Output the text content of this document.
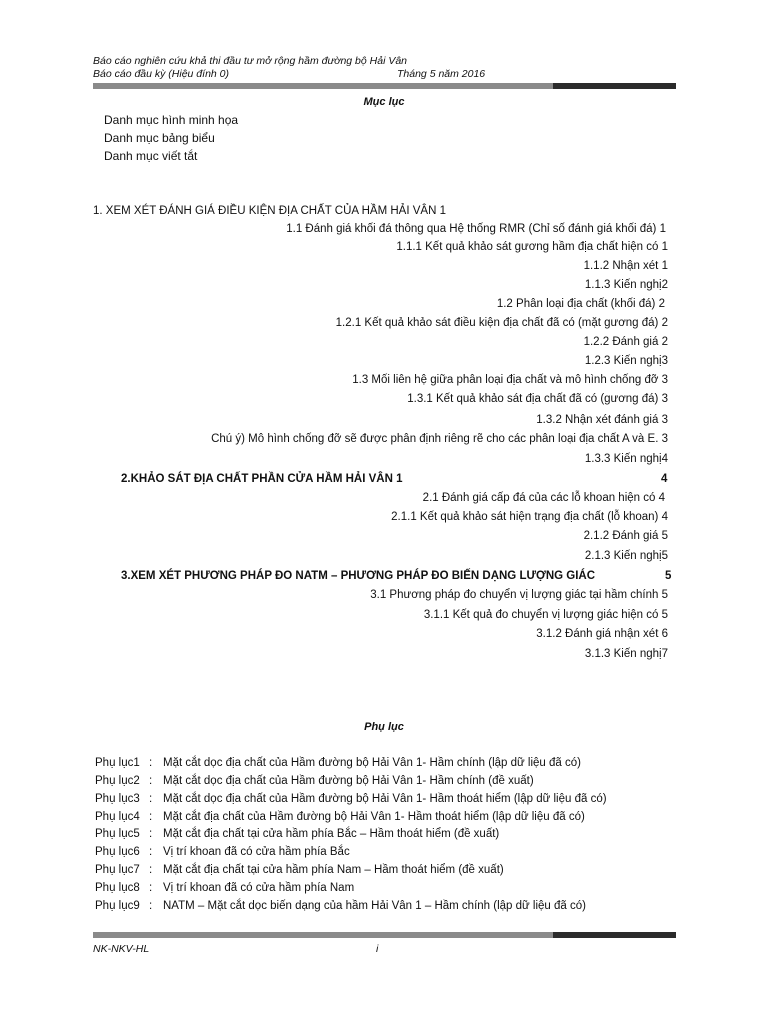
Báo cáo nghiên cứu khả thi đầu tư mở rộng hầm đường bộ Hải Vân
Báo cáo đầu kỳ (Hiệu đính 0)	Tháng 5 năm 2016
Mục lục
Danh mục hình minh họa
Danh mục bảng biểu
Danh mục viết tắt
1. XEM XÉT ĐÁNH GIÁ ĐIỀU KIỆN ĐỊA CHẤT CỦA HẦM HẢI VÂN 1
1.1 Đánh giá khối đá thông qua Hệ thống RMR (Chỉ số đánh giá khối đá) 1
1.1.1 Kết quả khảo sát gương hầm địa chất hiện có 1
1.1.2 Nhận xét 1
1.1.3 Kiến nghị2
1.2 Phân loại địa chất (khối đá) 2
1.2.1 Kết quả khảo sát điều kiện địa chất đã có (mặt gương đá) 2
1.2.2 Đánh giá 2
1.2.3 Kiến nghị3
1.3 Mối liên hệ giữa phân loại địa chất và mô hình chống đỡ 3
1.3.1 Kết quả khảo sát địa chất đã có (gương đá) 3
1.3.2 Nhận xét đánh giá 3
Chú ý) Mô hình chống đỡ sẽ được phân định riêng rẽ cho các phân loại địa chất A và E. 3
1.3.3 Kiến nghị4
2.KHẢO SÁT ĐỊA CHẤT PHẦN CỬA HẦM HẢI VÂN 1	4
2.1 Đánh giá cấp đá của các lỗ khoan hiện có 4
2.1.1 Kết quả khảo sát hiện trạng địa chất (lỗ khoan) 4
2.1.2 Đánh giá 5
2.1.3 Kiến nghị5
3.XEM XÉT PHƯƠNG PHÁP ĐO NATM – PHƯƠNG PHÁP ĐO BIẾN DẠNG LƯỢNG GIÁC	5
3.1 Phương pháp đo chuyển vị lượng giác tại hầm chính 5
3.1.1 Kết quả đo chuyển vị lượng giác hiện có 5
3.1.2 Đánh giá nhận xét 6
3.1.3 Kiến nghị7
Phụ lục
Phụ lục1 : Mặt cắt dọc địa chất của Hầm đường bộ Hải Vân 1- Hầm chính (lập dữ liệu đã có)
Phụ lục2 : Mặt cắt dọc địa chất của Hầm đường bộ Hải Vân 1- Hầm chính (đề xuất)
Phụ lục3 : Mặt cắt dọc địa chất của Hầm đường bộ Hải Vân 1- Hầm thoát hiểm (lập dữ liệu đã có)
Phụ lục4 : Mặt cắt địa chất của Hầm đường bộ Hải Vân 1- Hầm thoát hiểm (lập dữ liệu đã có)
Phụ lục5 : Mặt cắt địa chất tại cửa hầm phía Bắc – Hầm thoát hiểm (đề xuất)
Phụ lục6 : Vị trí khoan đã có cửa hầm phía Bắc
Phụ lục7 : Mặt cắt địa chất tại cửa hầm phía Nam – Hầm thoát hiểm (đề xuất)
Phụ lục8 : Vị trí khoan đã có cửa hầm phía Nam
Phụ lục9 : NATM – Mặt cắt dọc biến dạng của hầm Hải Vân 1 – Hầm chính (lập dữ liệu đã có)
NK-NKV-HL	i
